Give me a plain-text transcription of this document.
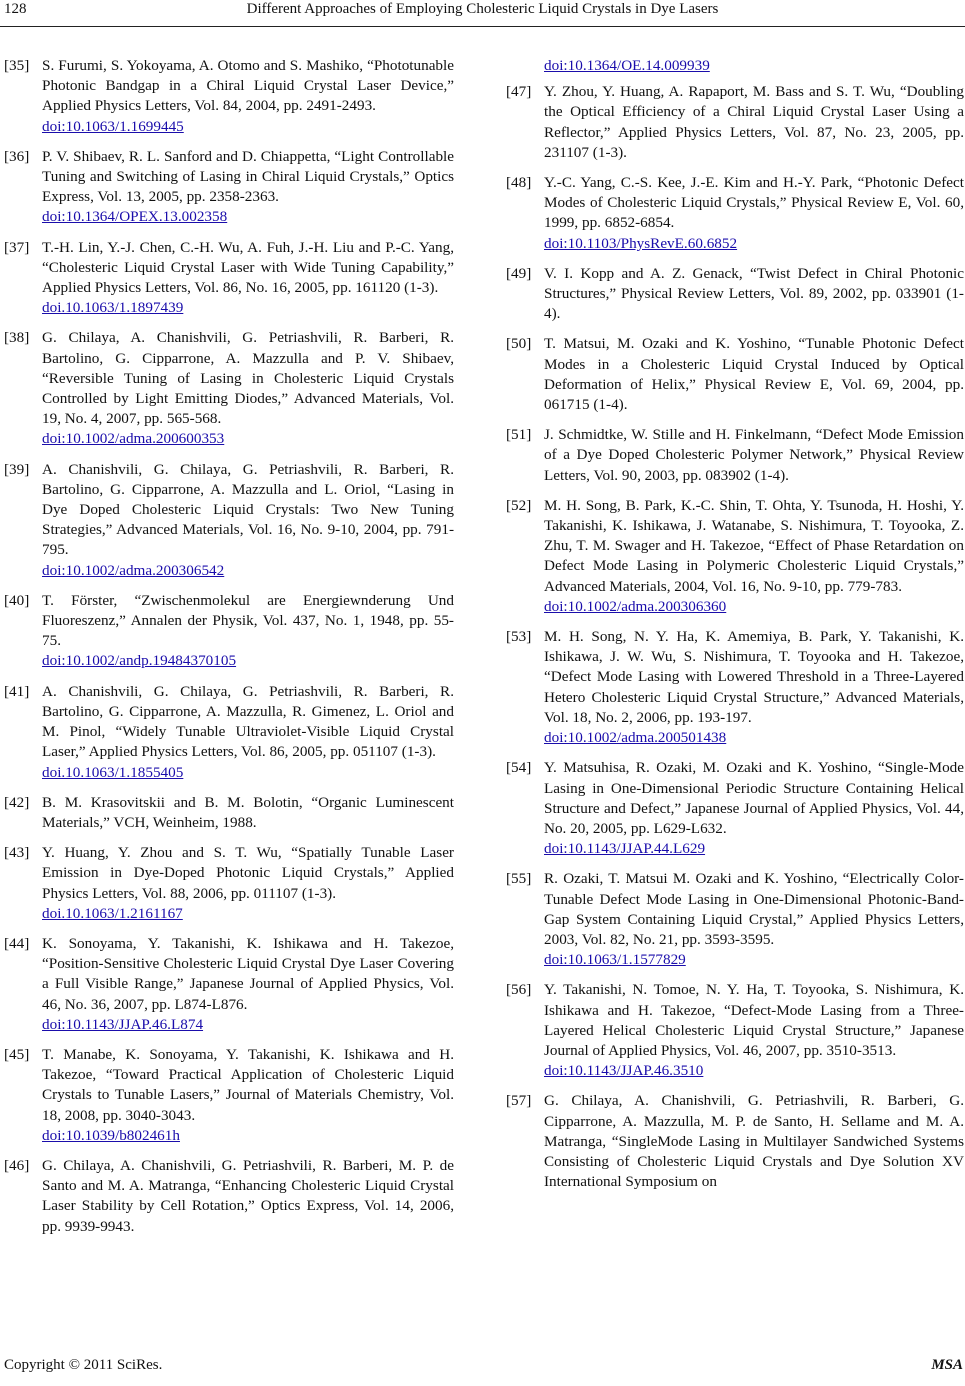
128	Different Approaches of Employing Cholesteric Liquid Crystals in Dye Lasers
[35] S. Furumi, S. Yokoyama, A. Otomo and S. Mashiko, “Phototunable Photonic Bandgap in a Chiral Liquid Crystal Laser Device,” Applied Physics Letters, Vol. 84, 2004, pp. 2491-2493.
doi:10.1063/1.1699445
[36] P. V. Shibaev, R. L. Sanford and D. Chiappetta, “Light Controllable Tuning and Switching of Lasing in Chiral Liquid Crystals,” Optics Express, Vol. 13, 2005, pp. 2358-2363.
doi:10.1364/OPEX.13.002358
[37] T.-H. Lin, Y.-J. Chen, C.-H. Wu, A. Fuh, J.-H. Liu and P.-C. Yang, “Cholesteric Liquid Crystal Laser with Wide Tuning Capability,” Applied Physics Letters, Vol. 86, No. 16, 2005, pp. 161120 (1-3).
doi.10.1063/1.1897439
[38] G. Chilaya, A. Chanishvili, G. Petriashvili, R. Barberi, R. Bartolino, G. Cipparrone, A. Mazzulla and P. V. Shibaev, “Reversible Tuning of Lasing in Cholesteric Liquid Crystals Controlled by Light Emitting Diodes,” Advanced Materials, Vol. 19, No. 4, 2007, pp. 565-568.
doi:10.1002/adma.200600353
[39] A. Chanishvili, G. Chilaya, G. Petriashvili, R. Barberi, R. Bartolino, G. Cipparrone, A. Mazzulla and L. Oriol, “Lasing in Dye Doped Cholesteric Liquid Crystals: Two New Tuning Strategies,” Advanced Materials, Vol. 16, No. 9-10, 2004, pp. 791-795.
doi:10.1002/adma.200306542
[40] T. Förster, “Zwischenmolekul are Energiewnderung Und Fluoreszenz,” Annalen der Physik, Vol. 437, No. 1, 1948, pp. 55-75.
doi:10.1002/andp.19484370105
[41] A. Chanishvili, G. Chilaya, G. Petriashvili, R. Barberi, R. Bartolino, G. Cipparrone, A. Mazzulla, R. Gimenez, L. Oriol and M. Pinol, “Widely Tunable Ultraviolet-Visible Liquid Crystal Laser,” Applied Physics Letters, Vol. 86, 2005, pp. 051107 (1-3).
doi.10.1063/1.1855405
[42] B. M. Krasovitskii and B. M. Bolotin, “Organic Luminescent Materials,” VCH, Weinheim, 1988.
[43] Y. Huang, Y. Zhou and S. T. Wu, “Spatially Tunable Laser Emission in Dye-Doped Photonic Liquid Crystals,” Applied Physics Letters, Vol. 88, 2006, pp. 011107 (1-3).
doi.10.1063/1.2161167
[44] K. Sonoyama, Y. Takanishi, K. Ishikawa and H. Takezoe, “Position-Sensitive Cholesteric Liquid Crystal Dye Laser Covering a Full Visible Range,” Japanese Journal of Applied Physics, Vol. 46, No. 36, 2007, pp. L874-L876.
doi:10.1143/JJAP.46.L874
[45] T. Manabe, K. Sonoyama, Y. Takanishi, K. Ishikawa and H. Takezoe, “Toward Practical Application of Cholesteric Liquid Crystals to Tunable Lasers,” Journal of Materials Chemistry, Vol. 18, 2008, pp. 3040-3043.
doi:10.1039/b802461h
[46] G. Chilaya, A. Chanishvili, G. Petriashvili, R. Barberi, M. P. de Santo and M. A. Matranga, “Enhancing Cholesteric Liquid Crystal Laser Stability by Cell Rotation,” Optics Express, Vol. 14, 2006, pp. 9939-9943.
doi:10.1364/OE.14.009939
[47] Y. Zhou, Y. Huang, A. Rapaport, M. Bass and S. T. Wu, “Doubling the Optical Efficiency of a Chiral Liquid Crystal Laser Using a Reflector,” Applied Physics Letters, Vol. 87, No. 23, 2005, pp. 231107 (1-3).
[48] Y.-C. Yang, C.-S. Kee, J.-E. Kim and H.-Y. Park, “Photonic Defect Modes of Cholesteric Liquid Crystals,” Physical Review E, Vol. 60, 1999, pp. 6852-6854.
doi:10.1103/PhysRevE.60.6852
[49] V. I. Kopp and A. Z. Genack, “Twist Defect in Chiral Photonic Structures,” Physical Review Letters, Vol. 89, 2002, pp. 033901 (1-4).
[50] T. Matsui, M. Ozaki and K. Yoshino, “Tunable Photonic Defect Modes in a Cholesteric Liquid Crystal Induced by Optical Deformation of Helix,” Physical Review E, Vol. 69, 2004, pp. 061715 (1-4).
[51] J. Schmidtke, W. Stille and H. Finkelmann, “Defect Mode Emission of a Dye Doped Cholesteric Polymer Network,” Physical Review Letters, Vol. 90, 2003, pp. 083902 (1-4).
[52] M. H. Song, B. Park, K.-C. Shin, T. Ohta, Y. Tsunoda, H. Hoshi, Y. Takanishi, K. Ishikawa, J. Watanabe, S. Nishimura, T. Toyooka, Z. Zhu, T. M. Swager and H. Takezoe, “Effect of Phase Retardation on Defect Mode Lasing in Polymeric Cholesteric Liquid Crystals,” Advanced Materials, 2004, Vol. 16, No. 9-10, pp. 779-783.
doi:10.1002/adma.200306360
[53] M. H. Song, N. Y. Ha, K. Amemiya, B. Park, Y. Takanishi, K. Ishikawa, J. W. Wu, S. Nishimura, T. Toyooka and H. Takezoe, “Defect Mode Lasing with Lowered Threshold in a Three-Layered Hetero Cholesteric Liquid Crystal Structure,” Advanced Materials, Vol. 18, No. 2, 2006, pp. 193-197.
doi:10.1002/adma.200501438
[54] Y. Matsuhisa, R. Ozaki, M. Ozaki and K. Yoshino, “Single-Mode Lasing in One-Dimensional Periodic Structure Containing Helical Structure and Defect,” Japanese Journal of Applied Physics, Vol. 44, No. 20, 2005, pp. L629-L632.
doi:10.1143/JJAP.44.L629
[55] R. Ozaki, T. Matsui M. Ozaki and K. Yoshino, “Electrically Color-Tunable Defect Mode Lasing in One-Dimensional Photonic-Band-Gap System Containing Liquid Crystal,” Applied Physics Letters, 2003, Vol. 82, No. 21, pp. 3593-3595.
doi:10.1063/1.1577829
[56] Y. Takanishi, N. Tomoe, N. Y. Ha, T. Toyooka, S. Nishimura, K. Ishikawa and H. Takezoe, “Defect-Mode Lasing from a Three-Layered Helical Cholesteric Liquid Crystal Structure,” Japanese Journal of Applied Physics, Vol. 46, 2007, pp. 3510-3513.
doi:10.1143/JJAP.46.3510
[57] G. Chilaya, A. Chanishvili, G. Petriashvili, R. Barberi, G. Cipparrone, A. Mazzulla, M. P. de Santo, H. Sellame and M. A. Matranga, “SingleMode Lasing in Multilayer Sandwiched Systems Consisting of Cholesteric Liquid Crystals and Dye Solution XV International Symposium on
Copyright © 2011 SciRes.	MSA
